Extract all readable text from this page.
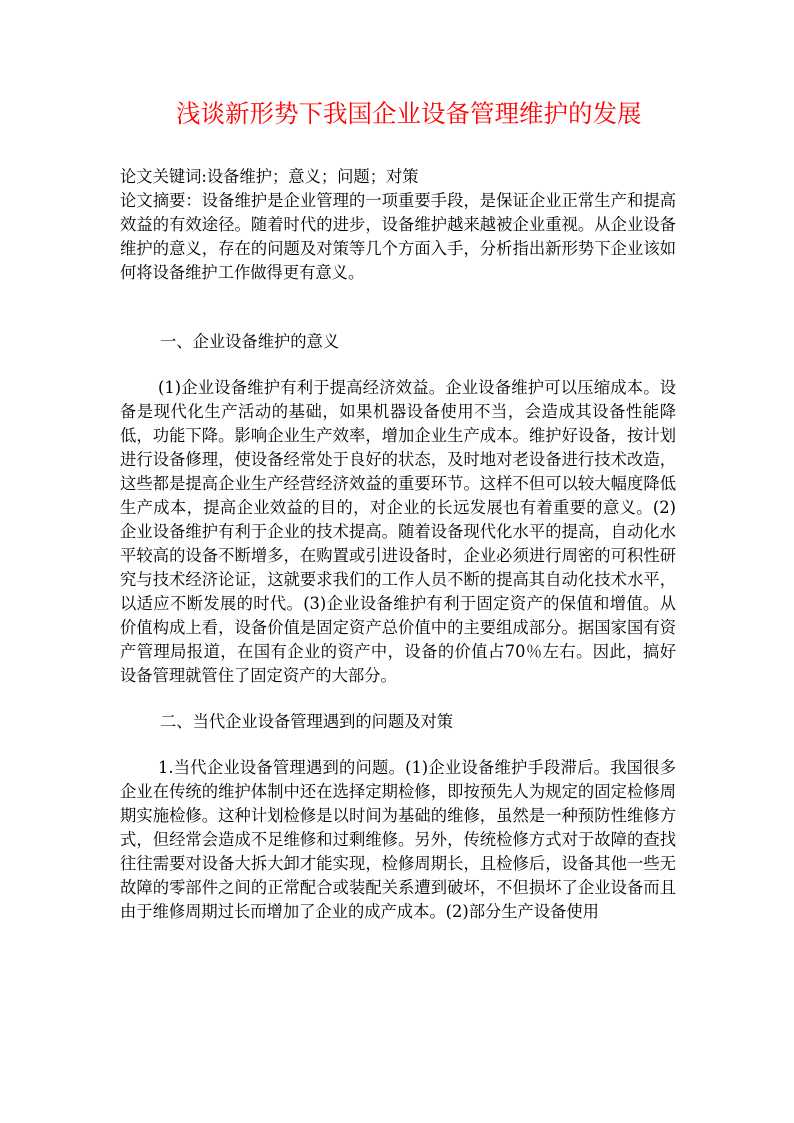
浅谈新形势下我国企业设备管理维护的发展

论文关键词:设备维护；意义；问题；对策

论文摘要：设备维护是企业管理的一项重要手段，是保证企业正常生产和提高效益的有效途径。随着时代的进步，设备维护越来越被企业重视。从企业设备维护的意义，存在的问题及对策等几个方面入手，分析指出新形势下企业该如何将设备维护工作做得更有意义。

一、企业设备维护的意义

(1)企业设备维护有利于提高经济效益。企业设备维护可以压缩成本。设备是现代化生产活动的基础，如果机器设备使用不当，会造成其设备性能降低，功能下降。影响企业生产效率，增加企业生产成本。维护好设备，按计划进行设备修理，使设备经常处于良好的状态，及时地对老设备进行技术改造，这些都是提高企业生产经营经济效益的重要环节。这样不但可以较大幅度降低生产成本，提高企业效益的目的，对企业的长远发展也有着重要的意义。(2)企业设备维护有利于企业的技术提高。随着设备现代化水平的提高，自动化水平较高的设备不断增多，在购置或引进设备时，企业必须进行周密的可积性研究与技术经济论证，这就要求我们的工作人员不断的提高其自动化技术水平，以适应不断发展的时代。(3)企业设备维护有利于固定资产的保值和增值。从价值构成上看，设备价值是固定资产总价值中的主要组成部分。据国家国有资产管理局报道，在国有企业的资产中，设备的价值占70％左右。因此，搞好设备管理就管住了固定资产的大部分。

二、当代企业设备管理遇到的问题及对策

1.当代企业设备管理遇到的问题。(1)企业设备维护手段滞后。我国很多企业在传统的维护体制中还在选择定期检修，即按预先人为规定的固定检修周期实施检修。这种计划检修是以时间为基础的维修，虽然是一种预防性维修方式，但经常会造成不足维修和过剩维修。另外，传统检修方式对于故障的查找往往需要对设备大拆大卸才能实现，检修周期长，且检修后，设备其他一些无故障的零部件之间的正常配合或装配关系遭到破坏，不但损坏了企业设备而且由于维修周期过长而增加了企业的成产成本。(2)部分生产设备使用
